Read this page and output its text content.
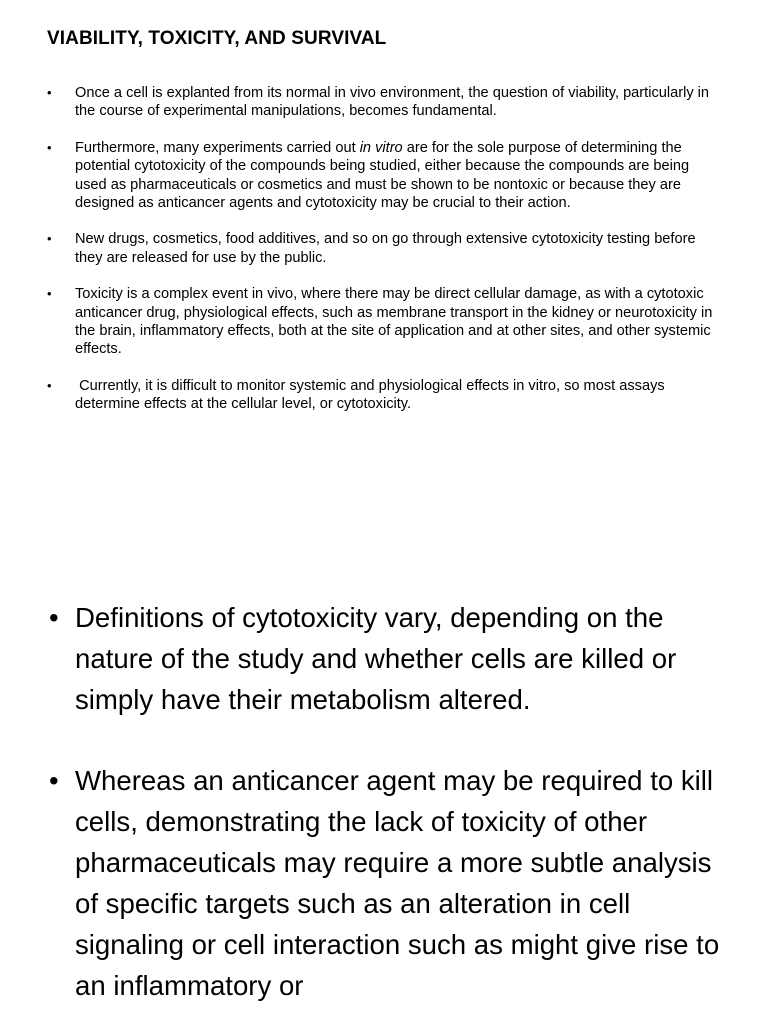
VIABILITY, TOXICITY, AND SURVIVAL
• Once a cell is explanted from its normal in vivo environment, the question of viability, particularly in the course of experimental manipulations, becomes fundamental.
• Furthermore, many experiments carried out in vitro are for the sole purpose of determining the potential cytotoxicity of the compounds being studied, either because the compounds are being used as pharmaceuticals or cosmetics and must be shown to be nontoxic or because they are designed as anticancer agents and cytotoxicity may be crucial to their action.
• New drugs, cosmetics, food additives, and so on go through extensive cytotoxicity testing before they are released for use by the public.
• Toxicity is a complex event in vivo, where there may be direct cellular damage, as with a cytotoxic anticancer drug, physiological effects, such as membrane transport in the kidney or neurotoxicity in the brain, inflammatory effects, both at the site of application and at other sites, and other systemic effects.
• Currently, it is difficult to monitor systemic and physiological effects in vitro, so most assays determine effects at the cellular level, or cytotoxicity.
• Definitions of cytotoxicity vary, depending on the nature of the study and whether cells are killed or simply have their metabolism altered.
• Whereas an anticancer agent may be required to kill cells, demonstrating the lack of toxicity of other pharmaceuticals may require a more subtle analysis of specific targets such as an alteration in cell signaling or cell interaction such as might give rise to an inflammatory or
